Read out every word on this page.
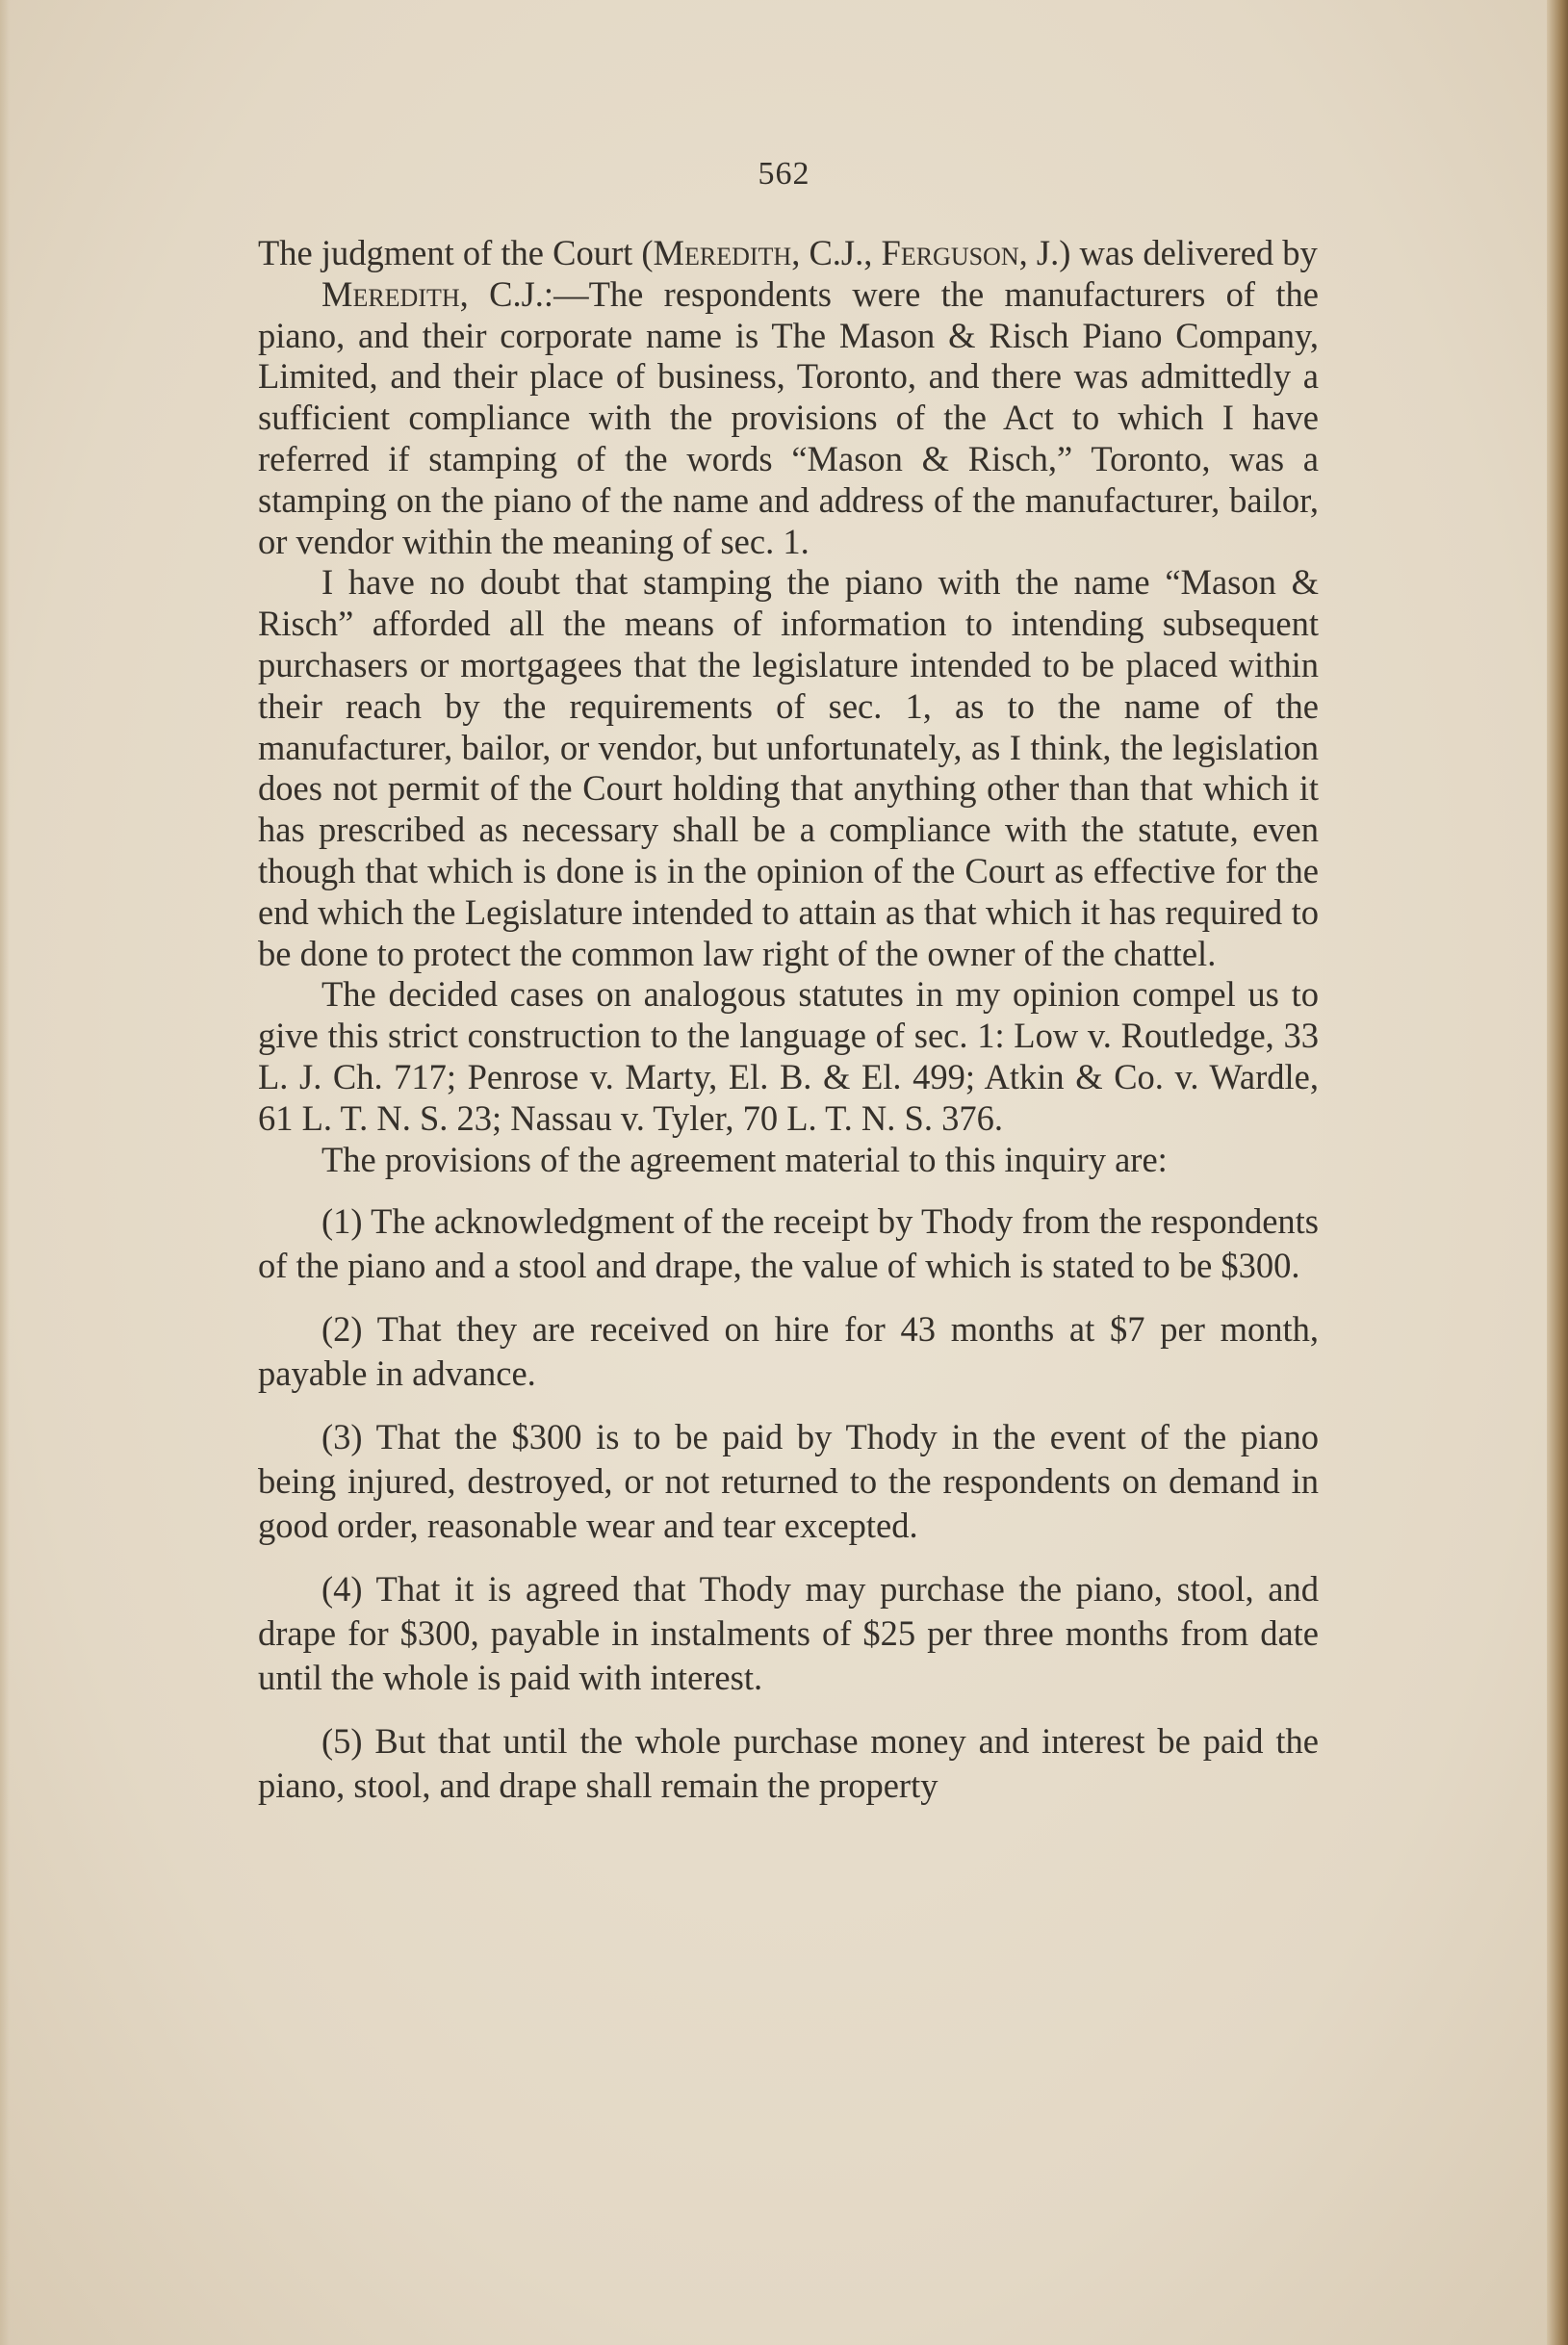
562

The judgment of the Court (Meredith, C.J., Ferguson, J.) was delivered by

Meredith, C.J.:—The respondents were the manufacturers of the piano, and their corporate name is The Mason & Risch Piano Company, Limited, and their place of business, Toronto, and there was admittedly a sufficient compliance with the provisions of the Act to which I have referred if stamping of the words “Mason & Risch,” Toronto, was a stamping on the piano of the name and address of the manufacturer, bailor, or vendor within the meaning of sec. 1.

I have no doubt that stamping the piano with the name “Mason & Risch” afforded all the means of information to intending subsequent purchasers or mortgagees that the legislature intended to be placed within their reach by the requirements of sec. 1, as to the name of the manufacturer, bailor, or vendor, but unfortunately, as I think, the legislation does not permit of the Court holding that anything other than that which it has prescribed as necessary shall be a compliance with the statute, even though that which is done is in the opinion of the Court as effective for the end which the Legislature intended to attain as that which it has required to be done to protect the common law right of the owner of the chattel.

The decided cases on analogous statutes in my opinion compel us to give this strict construction to the language of sec. 1: Low v. Routledge, 33 L. J. Ch. 717; Penrose v. Marty, El. B. & El. 499; Atkin & Co. v. Wardle, 61 L. T. N. S. 23; Nassau v. Tyler, 70 L. T. N. S. 376.

The provisions of the agreement material to this inquiry are:

(1) The acknowledgment of the receipt by Thody from the respondents of the piano and a stool and drape, the value of which is stated to be $300.

(2) That they are received on hire for 43 months at $7 per month, payable in advance.

(3) That the $300 is to be paid by Thody in the event of the piano being injured, destroyed, or not returned to the respondents on demand in good order, reasonable wear and tear excepted.

(4) That it is agreed that Thody may purchase the piano, stool, and drape for $300, payable in instalments of $25 per three months from date until the whole is paid with interest.

(5) But that until the whole purchase money and interest be paid the piano, stool, and drape shall remain the property
